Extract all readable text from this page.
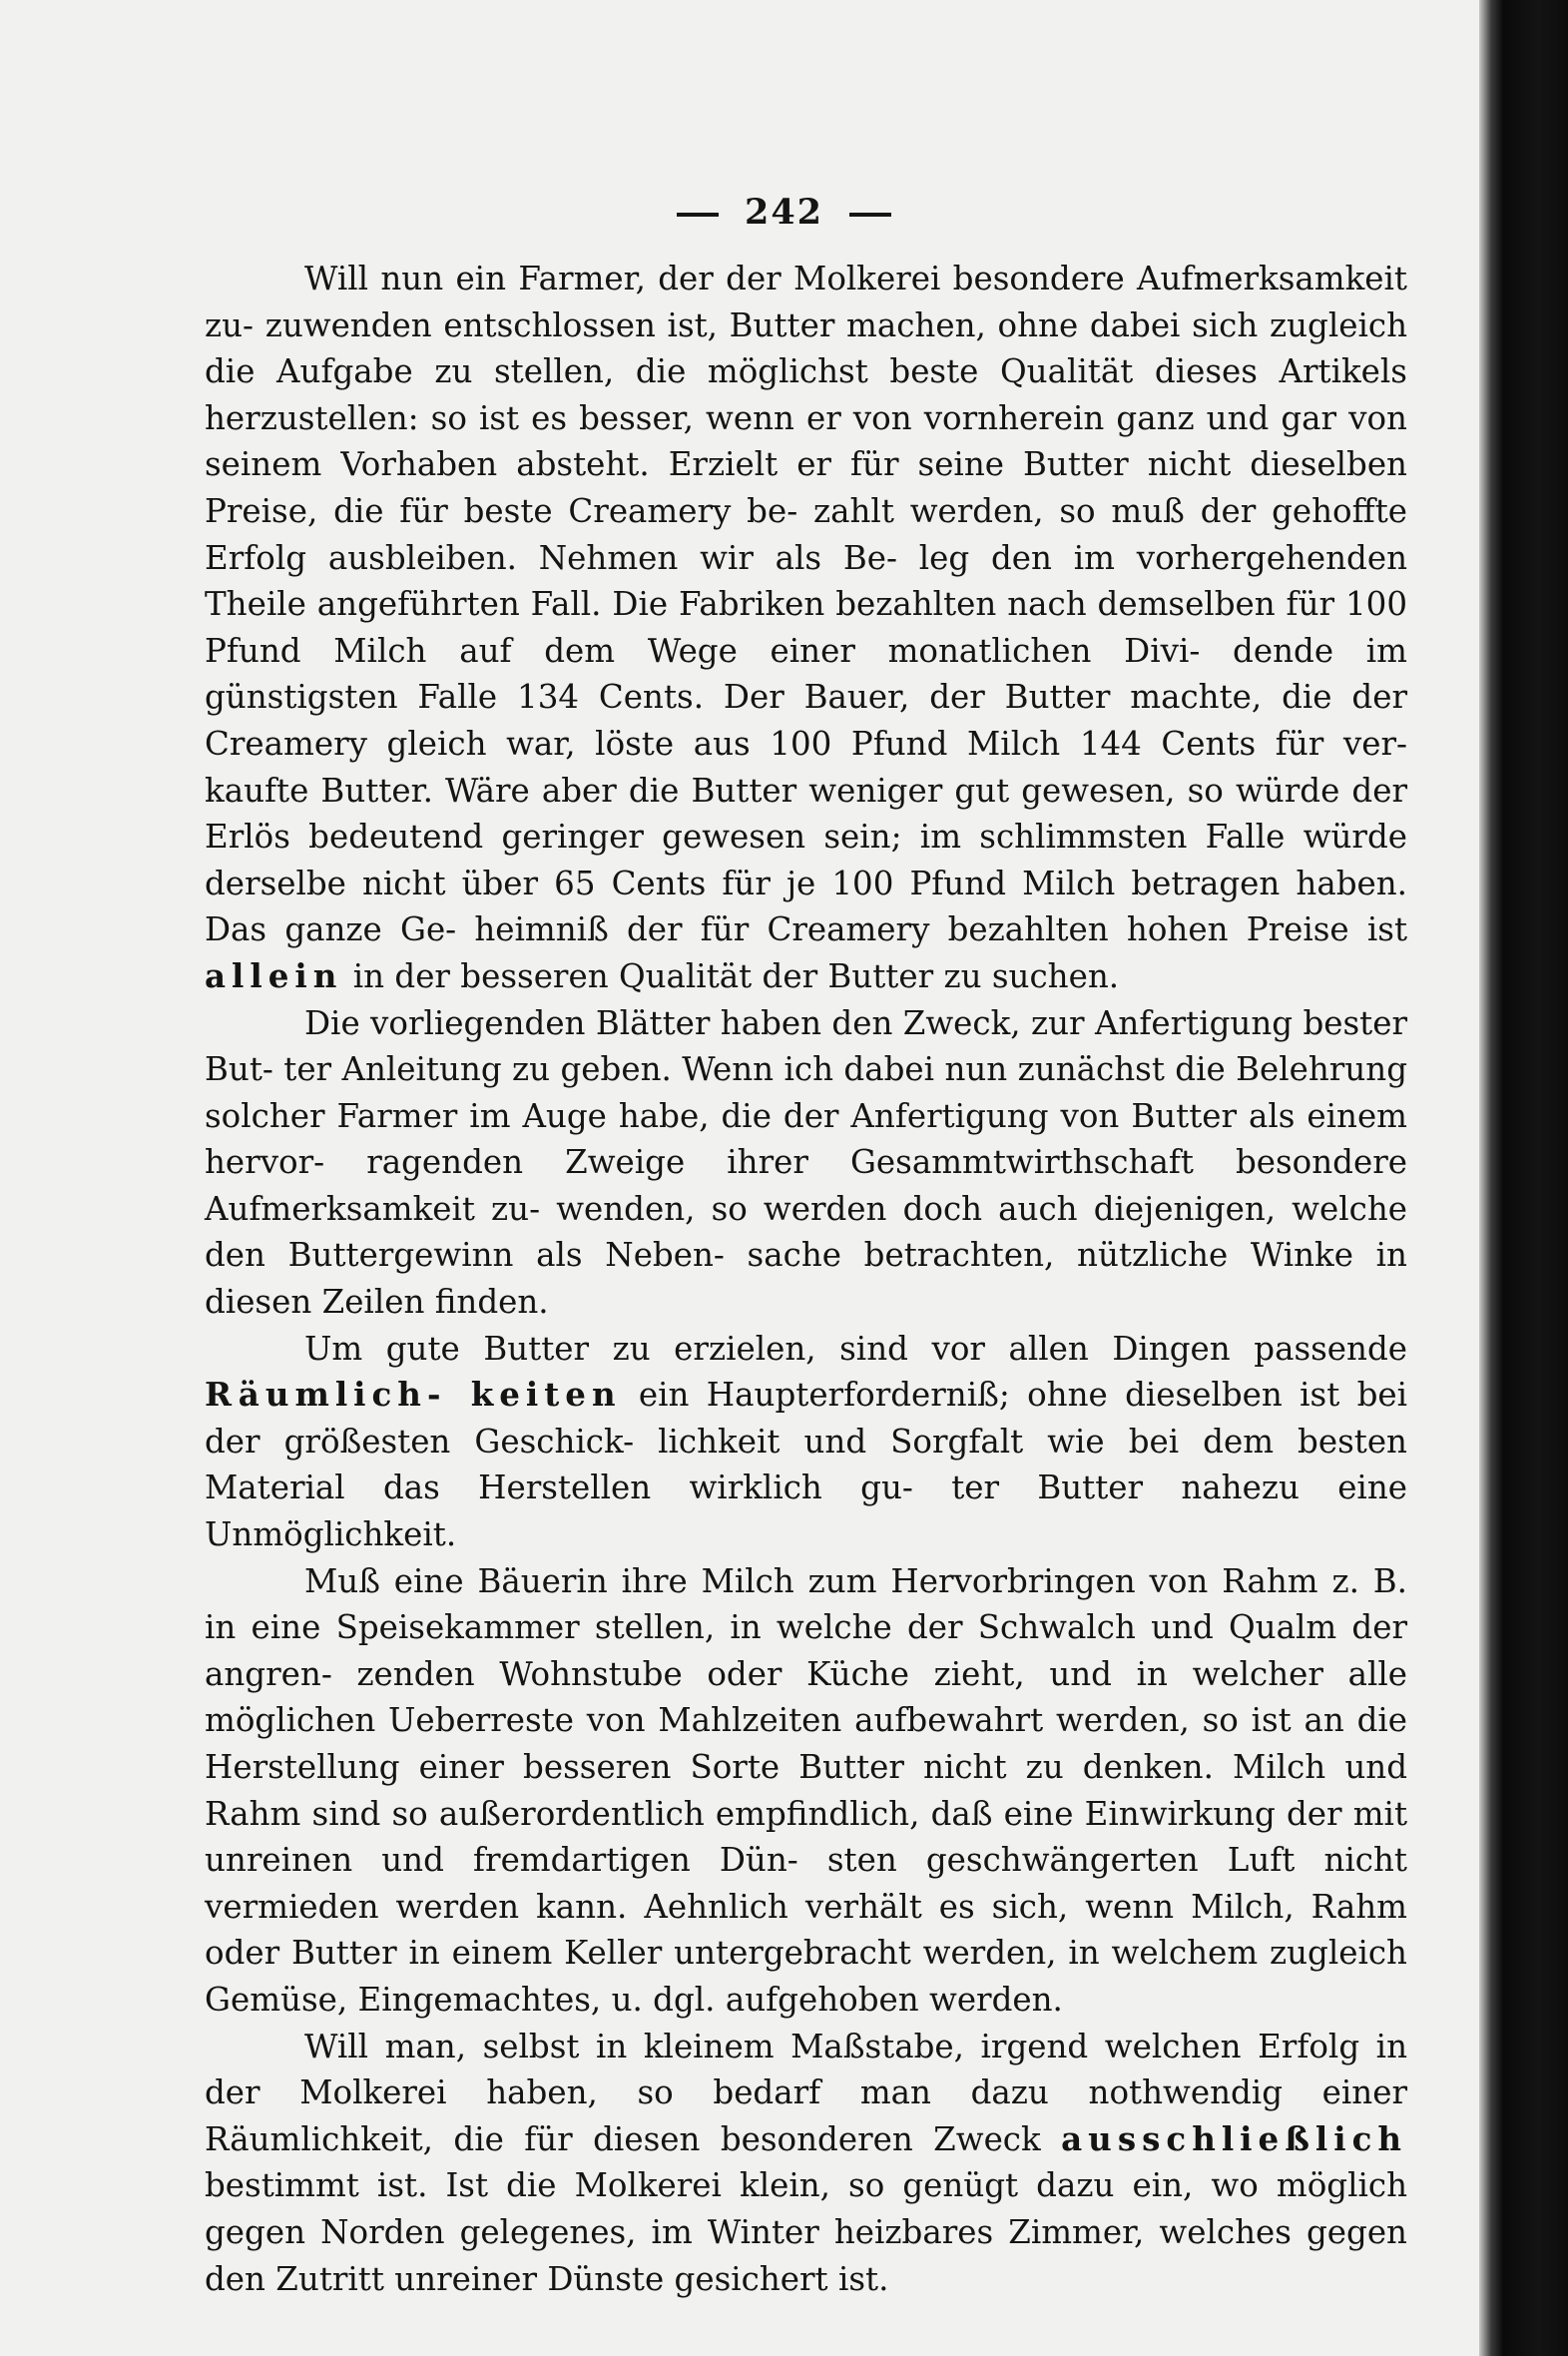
242

Will nun ein Farmer, der der Molkerei besondere Aufmerksamkeit zu- zuwenden entschlossen ist, Butter machen, ohne dabei sich zugleich die Aufgabe zu stellen, die möglichst beste Qualität dieses Artikels herzustellen: so ist es besser, wenn er von vornherein ganz und gar von seinem Vorhaben absteht. Erzielt er für seine Butter nicht dieselben Preise, die für beste Creamery be- zahlt werden, so muß der gehoffte Erfolg ausbleiben. Nehmen wir als Be- leg den im vorhergehenden Theile angeführten Fall. Die Fabriken bezahlten nach demselben für 100 Pfund Milch auf dem Wege einer monatlichen Divi- dende im günstigsten Falle 134 Cents. Der Bauer, der Butter machte, die der Creamery gleich war, löste aus 100 Pfund Milch 144 Cents für ver- kaufte Butter. Wäre aber die Butter weniger gut gewesen, so würde der Erlös bedeutend geringer gewesen sein; im schlimmsten Falle würde derselbe nicht über 65 Cents für je 100 Pfund Milch betragen haben. Das ganze Ge- heimniß der für Creamery bezahlten hohen Preise ist allein in der besseren Qualität der Butter zu suchen.

Die vorliegenden Blätter haben den Zweck, zur Anfertigung bester But- ter Anleitung zu geben. Wenn ich dabei nun zunächst die Belehrung solcher Farmer im Auge habe, die der Anfertigung von Butter als einem hervor- ragenden Zweige ihrer Gesammtwirthschaft besondere Aufmerksamkeit zu- wenden, so werden doch auch diejenigen, welche den Buttergewinn als Neben- sache betrachten, nützliche Winke in diesen Zeilen finden.

Um gute Butter zu erzielen, sind vor allen Dingen passende Räumlich- keiten ein Haupterforderniß; ohne dieselben ist bei der größesten Geschick- lichkeit und Sorgfalt wie bei dem besten Material das Herstellen wirklich gu- ter Butter nahezu eine Unmöglichkeit.

Muß eine Bäuerin ihre Milch zum Hervorbringen von Rahm z. B. in eine Speisekammer stellen, in welche der Schwalch und Qualm der angren- zenden Wohnstube oder Küche zieht, und in welcher alle möglichen Ueberreste von Mahlzeiten aufbewahrt werden, so ist an die Herstellung einer besseren Sorte Butter nicht zu denken. Milch und Rahm sind so außerordentlich empfindlich, daß eine Einwirkung der mit unreinen und fremdartigen Dün- sten geschwängerten Luft nicht vermieden werden kann. Aehnlich verhält es sich, wenn Milch, Rahm oder Butter in einem Keller untergebracht werden, in welchem zugleich Gemüse, Eingemachtes, u. dgl. aufgehoben werden.

Will man, selbst in kleinem Maßstabe, irgend welchen Erfolg in der Molkerei haben, so bedarf man dazu nothwendig einer Räumlichkeit, die für diesen besonderen Zweck ausschließlich bestimmt ist. Ist die Molkerei klein, so genügt dazu ein, wo möglich gegen Norden gelegenes, im Winter heizbares Zimmer, welches gegen den Zutritt unreiner Dünste gesichert ist.
